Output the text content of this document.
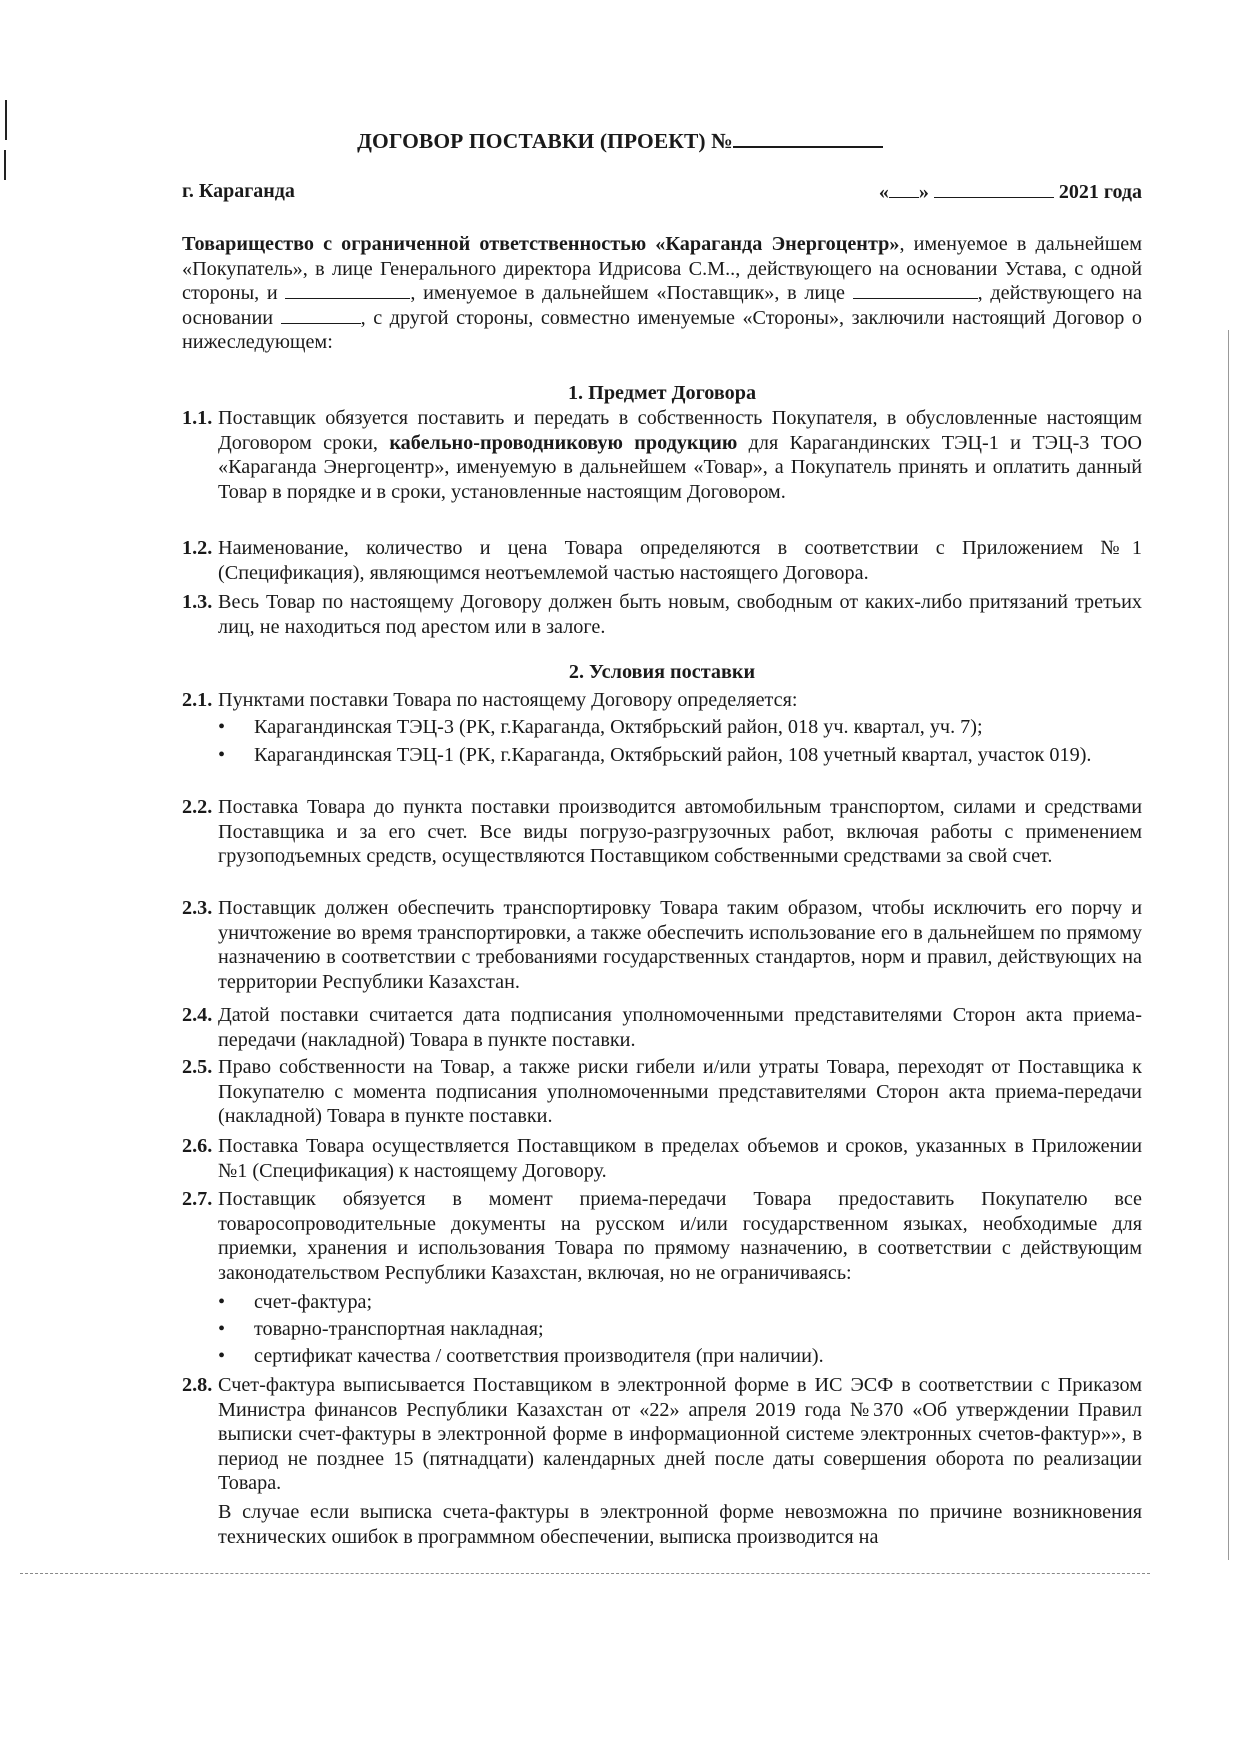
ДОГОВОР ПОСТАВКИ (ПРОЕКТ) №
г. Караганда	« »	2021 года
Товарищество с ограниченной ответственностью «Караганда Энергоцентр», именуемое в дальнейшем «Покупатель», в лице Генерального директора Идрисова С.М.., действующего на основании Устава, с одной стороны, и	, именуемое в дальнейшем «Поставщик», в лице	, действующего на основании	, с другой стороны, совместно именуемые «Стороны», заключили настоящий Договор о нижеследующем:
1. Предмет Договора
1.1. Поставщик обязуется поставить и передать в собственность Покупателя, в обусловленные настоящим Договором сроки, кабельно-проводниковую продукцию для Карагандинских ТЭЦ-1 и ТЭЦ-3 ТОО «Караганда Энергоцентр», именуемую в дальнейшем «Товар», а Покупатель принять и оплатить данный Товар в порядке и в сроки, установленные настоящим Договором.
1.2. Наименование, количество и цена Товара определяются в соответствии с Приложением №1 (Спецификация), являющимся неотъемлемой частью настоящего Договора.
1.3. Весь Товар по настоящему Договору должен быть новым, свободным от каких-либо притязаний третьих лиц, не находиться под арестом или в залоге.
2. Условия поставки
2.1. Пунктами поставки Товара по настоящему Договору определяется:
• Карагандинская ТЭЦ-3 (РК, г.Караганда, Октябрьский район, 018 уч. квартал, уч. 7);
• Карагандинская ТЭЦ-1 (РК, г.Караганда, Октябрьский район, 108 учетный квартал, участок 019).
2.2. Поставка Товара до пункта поставки производится автомобильным транспортом, силами и средствами Поставщика и за его счет. Все виды погрузо-разгрузочных работ, включая работы с применением грузоподъемных средств, осуществляются Поставщиком собственными средствами за свой счет.
2.3. Поставщик должен обеспечить транспортировку Товара таким образом, чтобы исключить его порчу и уничтожение во время транспортировки, а также обеспечить использование его в дальнейшем по прямому назначению в соответствии с требованиями государственных стандартов, норм и правил, действующих на территории Республики Казахстан.
2.4. Датой поставки считается дата подписания уполномоченными представителями Сторон акта приема-передачи (накладной) Товара в пункте поставки.
2.5. Право собственности на Товар, а также риски гибели и/или утраты Товара, переходят от Поставщика к Покупателю с момента подписания уполномоченными представителями Сторон акта приема-передачи (накладной) Товара в пункте поставки.
2.6. Поставка Товара осуществляется Поставщиком в пределах объемов и сроков, указанных в Приложении №1 (Спецификация) к настоящему Договору.
2.7. Поставщик обязуется в момент приема-передачи Товара предоставить Покупателю все товаросопроводительные документы на русском и/или государственном языках, необходимые для приемки, хранения и использования Товара по прямому назначению, в соответствии с действующим законодательством Республики Казахстан, включая, но не ограничиваясь:
• счет-фактура;
• товарно-транспортная накладная;
• сертификат качества / соответствия производителя (при наличии).
2.8. Счет-фактура выписывается Поставщиком в электронной форме в ИС ЭСФ в соответствии с Приказом Министра финансов Республики Казахстан от «22» апреля 2019 года №370 «Об утверждении Правил выписки счет-фактуры в электронной форме в информационной системе электронных счетов-фактур»», в период не позднее 15 (пятнадцати) календарных дней после даты совершения оборота по реализации Товара.
В случае если выписка счета-фактуры в электронной форме невозможна по причине возникновения технических ошибок в программном обеспечении, выписка производится на
